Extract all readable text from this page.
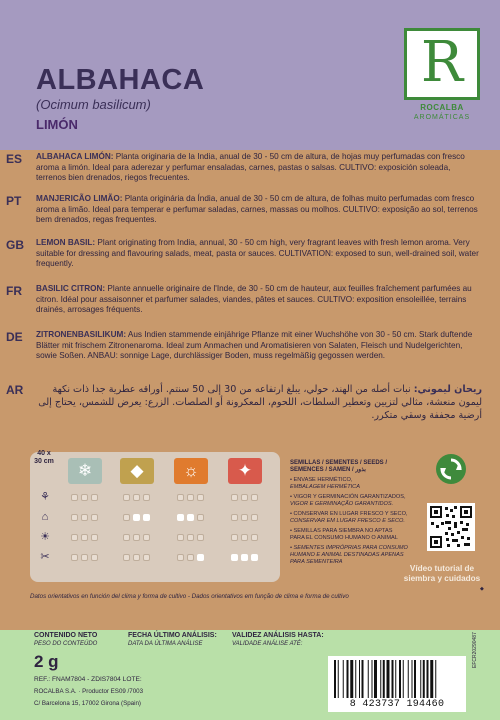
ALBAHACA
(Ocimum basilicum)
LIMÓN
R
ROCALBA
AROMÁTICAS
ES	ALBAHACA LIMÓN: Planta originaria de la India, anual de 30 - 50 cm de altura, de hojas muy perfumadas con fresco aroma a limón. Ideal para aderezar y perfumar ensaladas, carnes, pastas o salsas. CULTIVO: exposición soleada, terrenos bien drenados, riegos frecuentes.
PT	MANJERICÃO LIMÃO: Planta originária da Índia, anual de 30 - 50 cm de altura, de folhas muito perfumadas com fresco aroma a limão. Ideal para temperar e perfumar saladas, carnes, massas ou molhos. CULTIVO: exposição ao sol, terrenos bem drenados, regas frequentes.
GB	LEMON BASIL: Plant originating from India, annual, 30 - 50 cm high, very fragrant leaves with fresh lemon aroma. Very suitable for dressing and flavouring salads, meat, pasta or sauces. CULTIVATION: exposed to sun, well-drained soil, water frequently.
FR	BASILIC CITRON: Plante annuelle originaire de l'Inde, de 30 - 50 cm de hauteur, aux feuilles fraîchement parfumées au citron. Idéal pour assaisonner et parfumer salades, viandes, pâtes et sauces. CULTIVO: exposition ensoleillée, terrains drainés, arrosages fréquents.
DE	ZITRONENBASILIKUM: Aus Indien stammende einjährige Pflanze mit einer Wuchshöhe von 30 - 50 cm. Stark duftende Blätter mit frischem Zitronenaroma. Ideal zum Anmachen und Aromatisieren von Salaten, Fleisch und Nudelgerichten, sowie Soßen. ANBAU: sonnige Lage, durchlässiger Boden, muss regelmäßig gegossen werden.
AR	ريحان ليموني: نبات أصله من الهند، حولي، يبلغ ارتفاعه من 30 إلى 50 سنتم. أوراقه عطرية جدا ذات نكهة ليمون منعشة، مثالي لتزيين وتعطير السلطات، اللحوم، المعكرونة أو الصلصات. الزرع: يعرض للشمس، يحتاج إلى أرضية مجففة وسقي متكرر.
40 x 30 cm	❄	◆	☼	✦
⚘
⌂
☀
✂
SEMILLAS / SEMENTES / SEEDS / SEMENCES / SAMEN / بذور
• ENVASE HERMÉTICO,
EMBALAGEM HERMÉTICA
• VIGOR Y GERMINACIÓN GARANTIZADOS,
VIGOR E GERMINAÇÃO GARANTIDOS.
• CONSERVAR EN LUGAR FRESCO Y SECO,
CONSERVAR EM LUGAR FRESCO E SECO.
• SEMILLAS PARA SIEMBRA NO APTAS PARA EL CONSUMO HUMANO O ANIMAL
• SEMENTES IMPRÓPRIAS PARA CONSUMO HUMANO E ANIMAL DESTINADAS APENAS PARA SEMENTEIRA
◆
Vídeo tutorial de siembra y cuidados
Datos orientativos en función del clima y forma de cultivo - Dados orientativos em função de clima e forma de cultivo
CONTENIDO NETO
PESO DO CONTEÚDO
2 g
FECHA ÚLTIMO ANÁLISIS:
DATA DA ÚLTIMA ANÁLISE
VALIDEZ ANÁLISIS HASTA:
VALIDADE ANÁLISE ATÉ:
REF.: FNAM7804 - ZDIS7804 LOTE:
ROCALBA S.A. · Productor ES09 /7003
C/ Barcelona 15, 17002 Girona (Spain)	8 423737 194460
EFCR20290487
